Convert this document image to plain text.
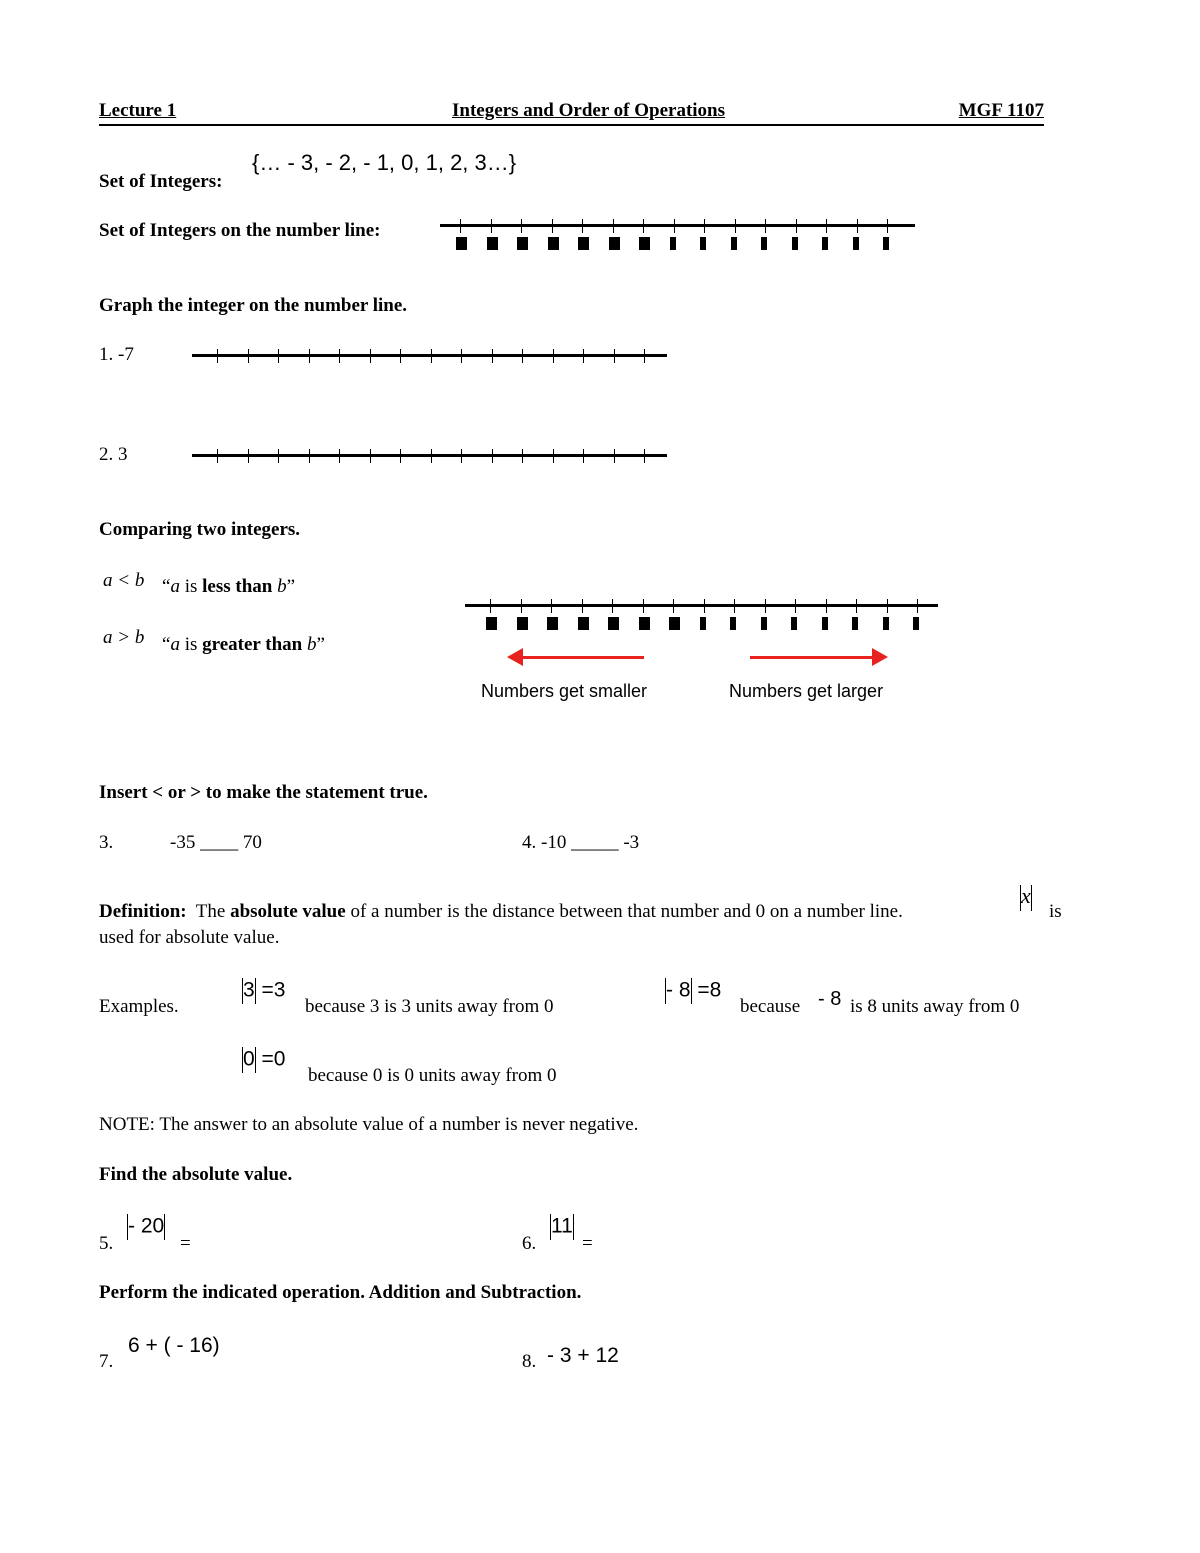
Lecture 1	Integers and Order of Operations	MGF 1107
Set of Integers:
{… - 3, - 2, - 1, 0, 1, 2, 3…}
Set of Integers on the number line:
Graph the integer on the number line.
1. -7
2. 3
Comparing two integers.
a < b “a is less than b”
a > b “a is greater than b”
Numbers get smaller	Numbers get larger
Insert < or > to make the statement true.
3.	-35 ____ 70	4. -10 _____ -3
Definition: The absolute value of a number is the distance between that number and 0 on a number line.
x
is
used for absolute value.
Examples.
3 =3
because 3 is 3 units away from 0
- 8 =8
because - 8 is 8 units away from 0
0 =0
because 0 is 0 units away from 0
NOTE: The answer to an absolute value of a number is never negative.
Find the absolute value.
5.
- 20
=	6.
11
=
Perform the indicated operation. Addition and Subtraction.
7.
6 + ( - 16)
8. - 3 + 12
